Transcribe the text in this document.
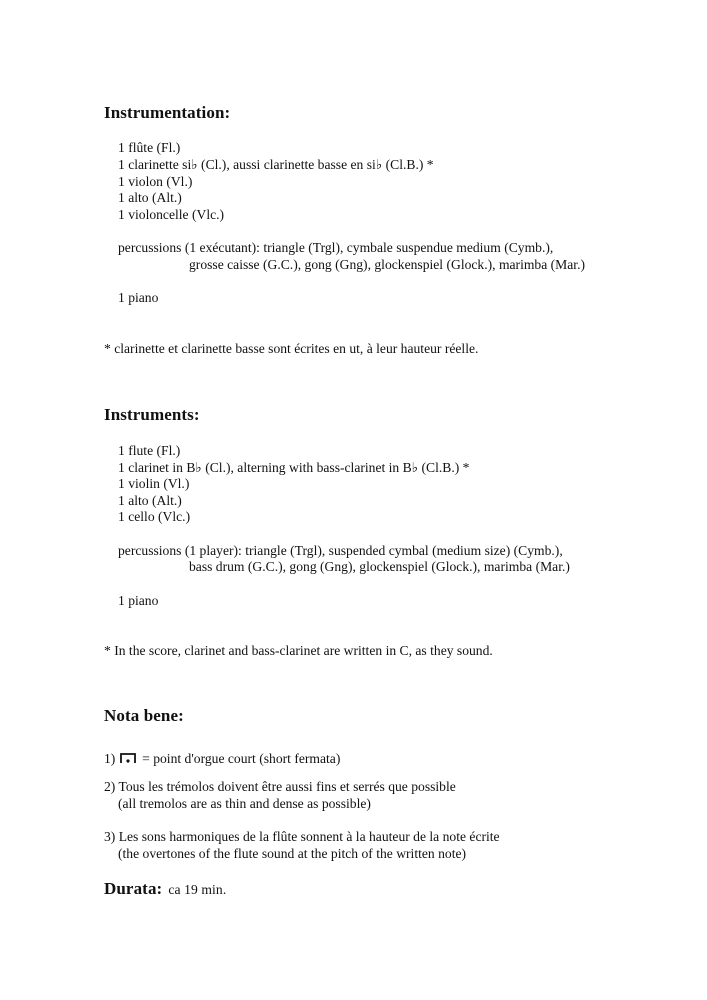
Instrumentation:
1 flûte (Fl.)
1 clarinette si♭ (Cl.), aussi clarinette basse en si♭ (Cl.B.) *
1 violon (Vl.)
1 alto (Alt.)
1 violoncelle (Vlc.)
percussions (1 exécutant): triangle (Trgl), cymbale suspendue medium (Cymb.),
grosse caisse (G.C.), gong (Gng), glockenspiel (Glock.), marimba (Mar.)
1 piano
* clarinette et clarinette basse sont écrites en ut, à leur hauteur réelle.
Instruments:
1 flute (Fl.)
1 clarinet in B♭ (Cl.), alterning with bass-clarinet in B♭ (Cl.B.) *
1 violin (Vl.)
1 alto (Alt.)
1 cello (Vlc.)
percussions (1 player): triangle (Trgl), suspended cymbal (medium size) (Cymb.),
bass drum (G.C.), gong (Gng), glockenspiel (Glock.), marimba (Mar.)
1 piano
* In the score, clarinet and bass-clarinet are written in C, as they sound.
Nota bene:
1) = point d'orgue court (short fermata)
2) Tous les trémolos doivent être aussi fins et serrés que possible
(all tremolos are as thin and dense as possible)
3) Les sons harmoniques de la flûte sonnent à la hauteur de la note écrite
(the overtones of the flute sound at the pitch of the written note)
Durata: ca 19 min.
